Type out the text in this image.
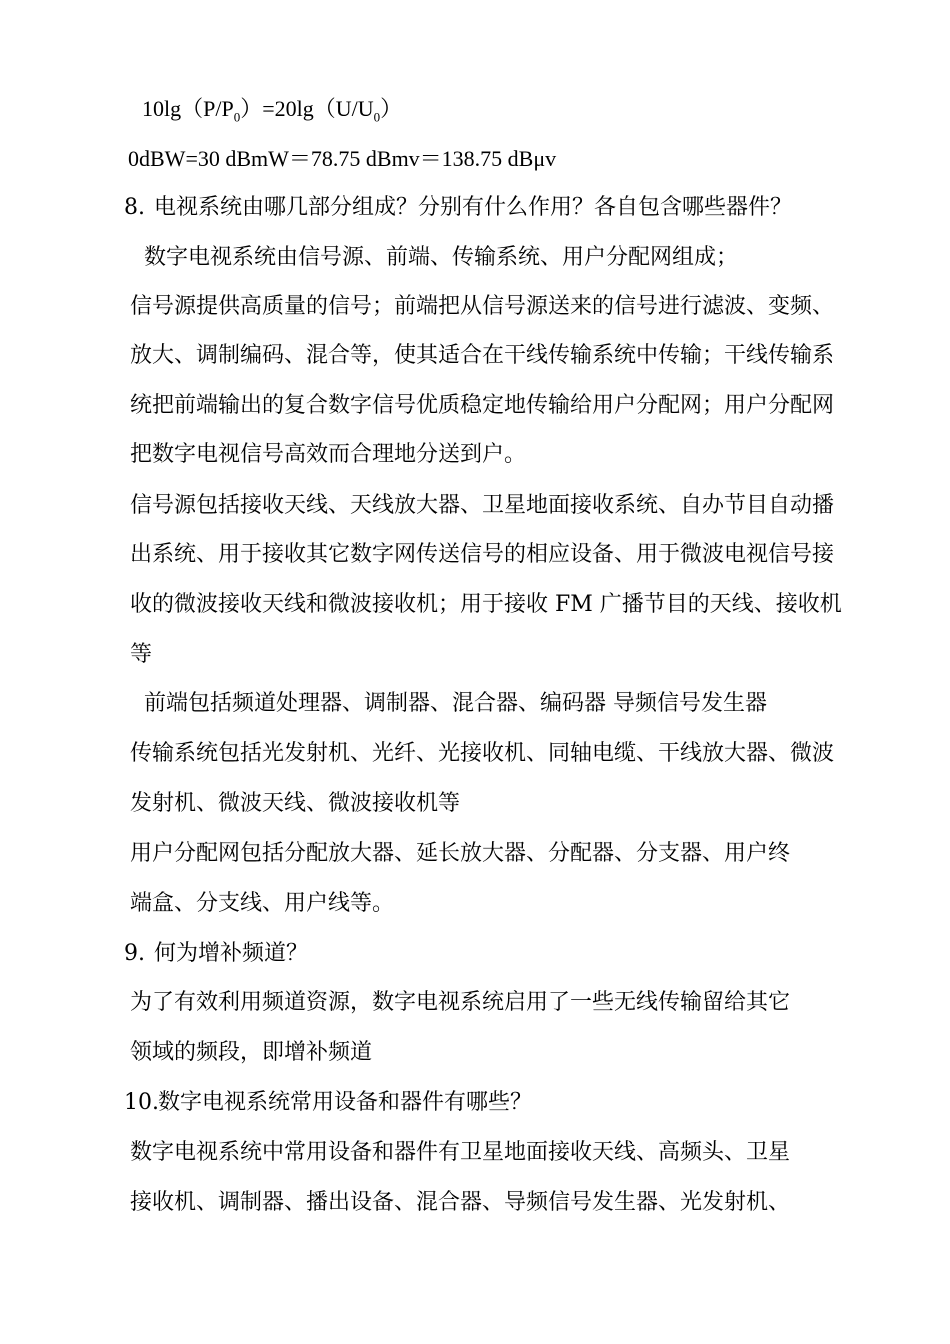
$10\lg(P/P_0)=20\lg(U/U_0)$
0dBW=30 dBmW＝78.75 dBmv＝138.75 dBμv
8. 电视系统由哪几部分组成？分别有什么作用？各自包含哪些器件？
数字电视系统由信号源、前端、传输系统、用户分配网组成；
信号源提供高质量的信号；前端把从信号源送来的信号进行滤波、变频、
放大、调制编码、混合等，使其适合在干线传输系统中传输；干线传输系
统把前端输出的复合数字信号优质稳定地传输给用户分配网；用户分配网
把数字电视信号高效而合理地分送到户。
信号源包括接收天线、天线放大器、卫星地面接收系统、自办节目自动播
出系统、用于接收其它数字网传送信号的相应设备、用于微波电视信号接
收的微波接收天线和微波接收机；用于接收 FM 广播节目的天线、接收机
等
前端包括频道处理器、调制器、混合器、编码器 导频信号发生器
传输系统包括光发射机、光纤、光接收机、同轴电缆、干线放大器、微波
发射机、微波天线、微波接收机等
用户分配网包括分配放大器、延长放大器、分配器、分支器、用户终
端盒、分支线、用户线等。
9. 何为增补频道？
为了有效利用频道资源，数字电视系统启用了一些无线传输留给其它
领域的频段，即增补频道
10.数字电视系统常用设备和器件有哪些？
数字电视系统中常用设备和器件有卫星地面接收天线、高频头、卫星
接收机、调制器、播出设备、混合器、导频信号发生器、光发射机、
